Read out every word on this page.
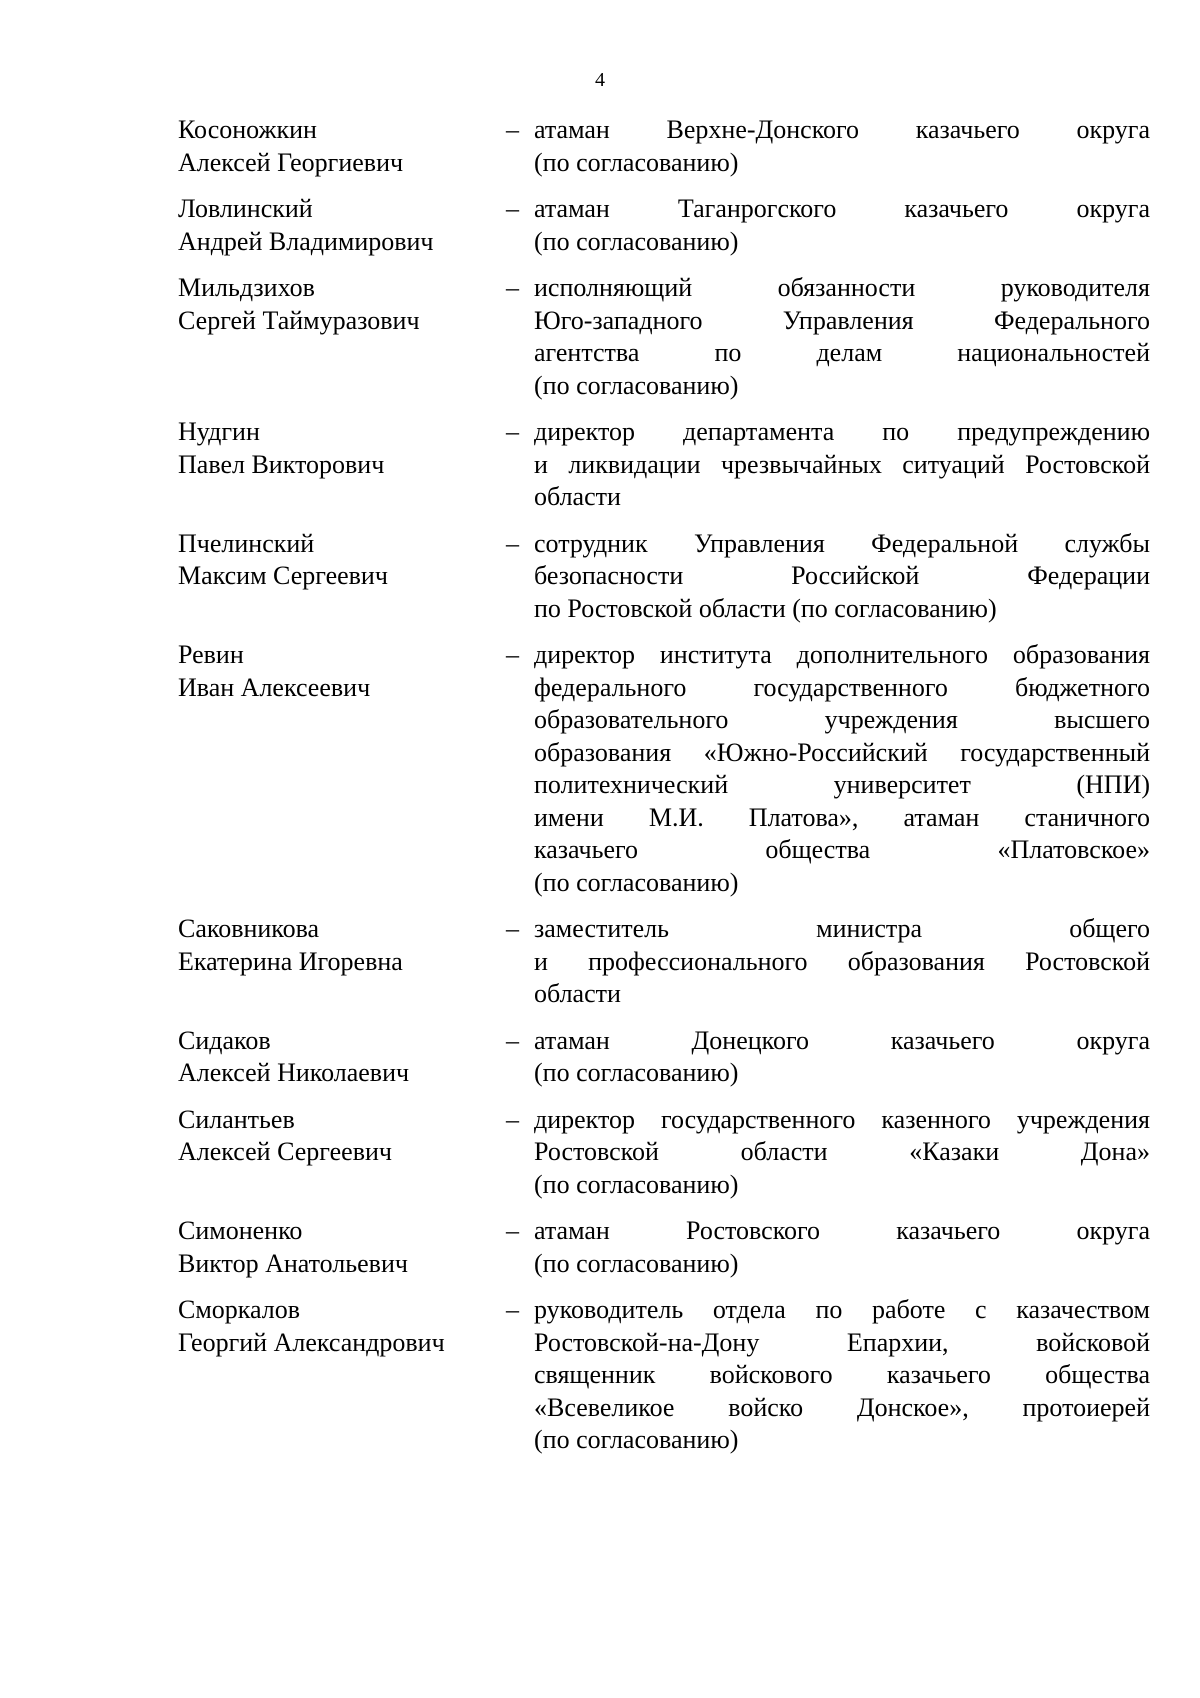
4
Косоножкин
Алексей Георгиевич
– атаман Верхне-Донского казачьего округа
(по согласованию)
Ловлинский
Андрей Владимирович
– атаман Таганрогского казачьего округа
(по согласованию)
Мильдзихов
Сергей Таймуразович
– исполняющий обязанности руководителя
Юго-западного Управления Федерального
агентства по делам национальностей
(по согласованию)
Нудгин
Павел Викторович
– директор департамента по предупреждению
и ликвидации чрезвычайных ситуаций Ростовской
области
Пчелинский
Максим Сергеевич
– сотрудник Управления Федеральной службы
безопасности Российской Федерации
по Ростовской области (по согласованию)
Ревин
Иван Алексеевич
– директор института дополнительного образования
федерального государственного бюджетного
образовательного учреждения высшего
образования «Южно-Российский государственный
политехнический университет (НПИ)
имени М.И. Платова», атаман станичного
казачьего общества «Платовское»
(по согласованию)
Саковникова
Екатерина Игоревна
– заместитель министра общего
и профессионального образования Ростовской
области
Сидаков
Алексей Николаевич
– атаман Донецкого казачьего округа
(по согласованию)
Силантьев
Алексей Сергеевич
– директор государственного казенного учреждения
Ростовской области «Казаки Дона»
(по согласованию)
Симоненко
Виктор Анатольевич
– атаман Ростовского казачьего округа
(по согласованию)
Сморкалов
Георгий Александрович
– руководитель отдела по работе с казачеством
Ростовской-на-Дону Епархии, войсковой
священник войскового казачьего общества
«Всевеликое войско Донское», протоиерей
(по согласованию)
